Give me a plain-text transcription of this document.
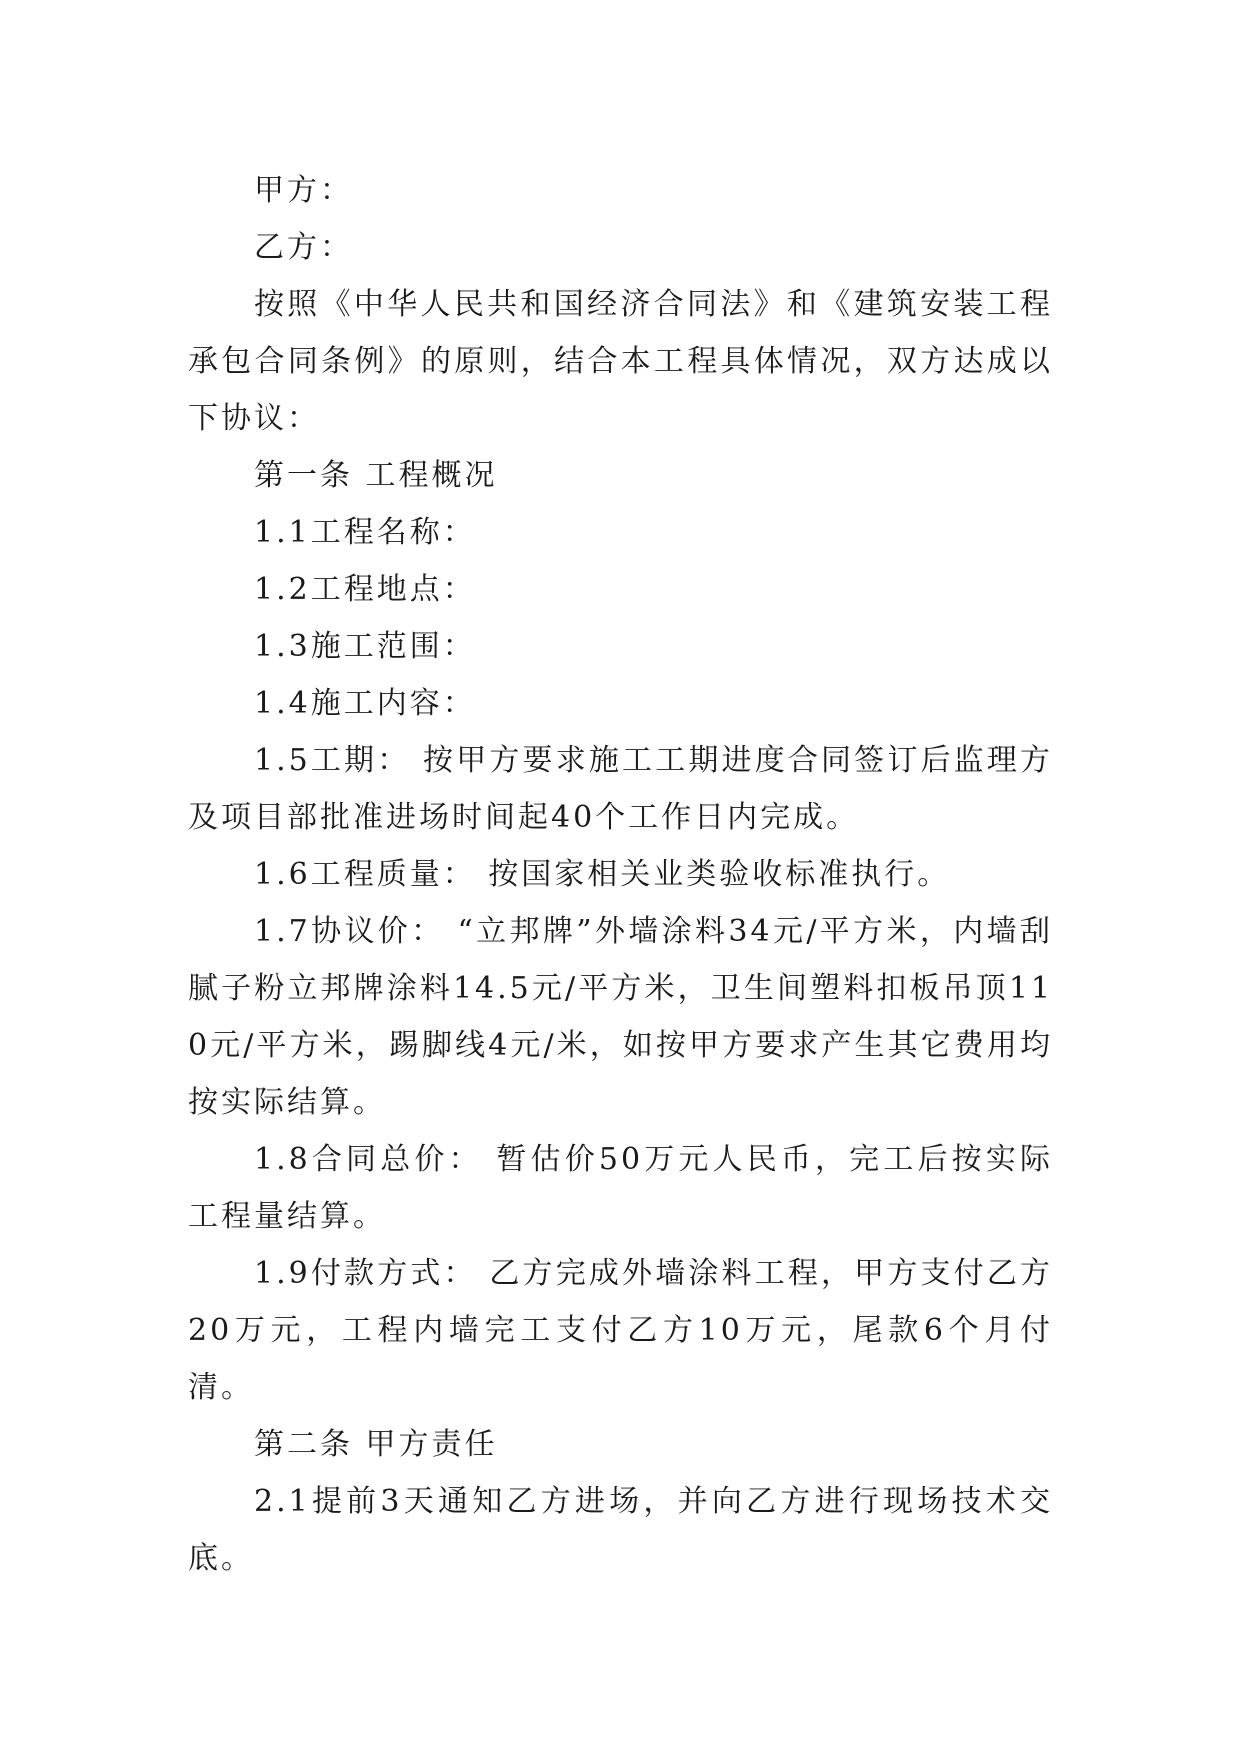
甲方：

乙方：

按照《中华人民共和国经济合同法》和《建筑安装工程承包合同条例》的原则，结合本工程具体情况，双方达成以下协议：

第一条 工程概况

1.1工程名称：

1.2工程地点：

1.3施工范围：

1.4施工内容：

1.5工期： 按甲方要求施工工期进度合同签订后监理方及项目部批准进场时间起40个工作日内完成。

1.6工程质量： 按国家相关业类验收标准执行。

1.7协议价： “立邦牌”外墙涂料34元/平方米，内墙刮腻子粉立邦牌涂料14.5元/平方米，卫生间塑料扣板吊顶110元/平方米，踢脚线4元/米，如按甲方要求产生其它费用均按实际结算。

1.8合同总价： 暂估价50万元人民币，完工后按实际工程量结算。

1.9付款方式： 乙方完成外墙涂料工程，甲方支付乙方20万元，工程内墙完工支付乙方10万元，尾款6个月付清。

第二条 甲方责任

2.1提前3天通知乙方进场，并向乙方进行现场技术交底。
